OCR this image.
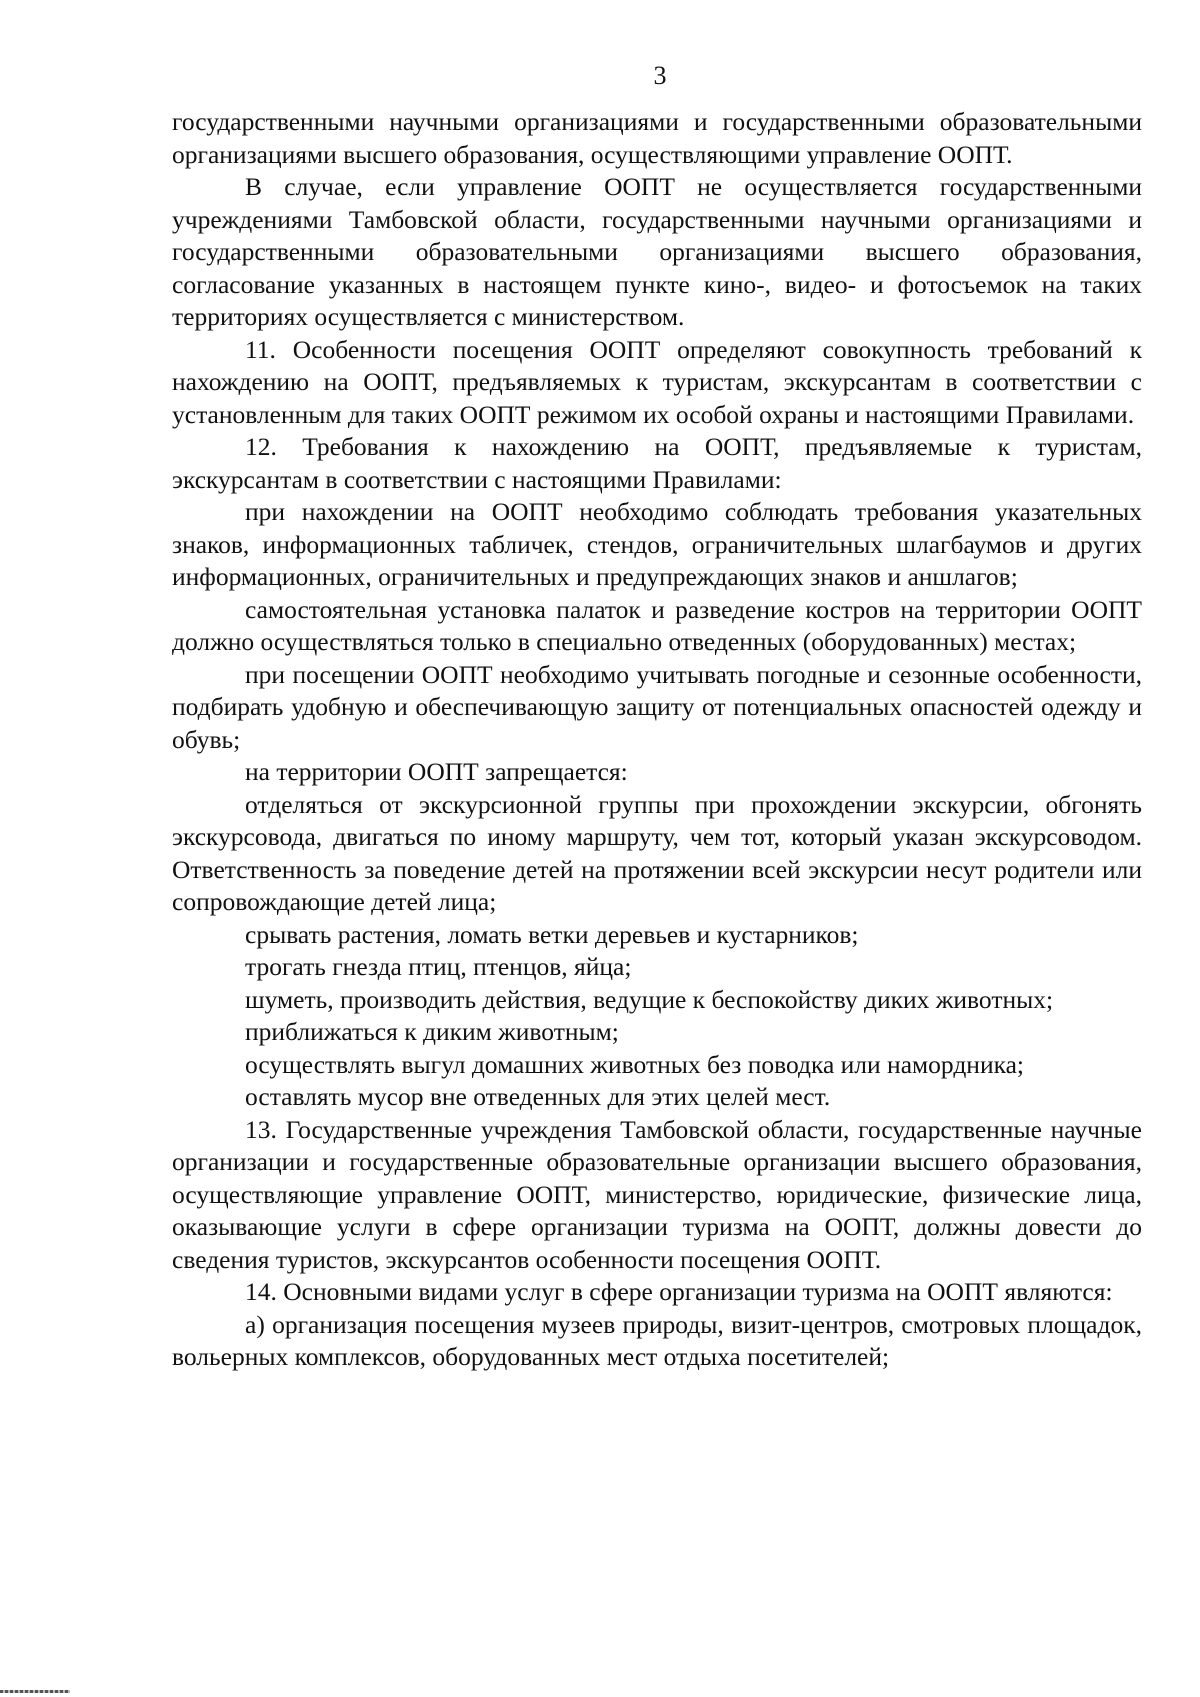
3

государственными научными организациями и государственными образовательными организациями высшего образования, осуществляющими управление ООПТ.

В случае, если управление ООПТ не осуществляется государственными учреждениями Тамбовской области, государственными научными организациями и государственными образовательными организациями высшего образования, согласование указанных в настоящем пункте кино-, видео- и фотосъемок на таких территориях осуществляется с министерством.

11. Особенности посещения ООПТ определяют совокупность требований к нахождению на ООПТ, предъявляемых к туристам, экскурсантам в соответствии с установленным для таких ООПТ режимом их особой охраны и настоящими Правилами.

12. Требования к нахождению на ООПТ, предъявляемые к туристам, экскурсантам в соответствии с настоящими Правилами:

при нахождении на ООПТ необходимо соблюдать требования указательных знаков, информационных табличек, стендов, ограничительных шлагбаумов и других информационных, ограничительных и предупреждающих знаков и аншлагов;

самостоятельная установка палаток и разведение костров на территории ООПТ должно осуществляться только в специально отведенных (оборудованных) местах;

при посещении ООПТ необходимо учитывать погодные и сезонные особенности, подбирать удобную и обеспечивающую защиту от потенциальных опасностей одежду и обувь;

на территории ООПТ запрещается:

отделяться от экскурсионной группы при прохождении экскурсии, обгонять экскурсовода, двигаться по иному маршруту, чем тот, который указан экскурсоводом. Ответственность за поведение детей на протяжении всей экскурсии несут родители или сопровождающие детей лица;

срывать растения, ломать ветки деревьев и кустарников;

трогать гнезда птиц, птенцов, яйца;

шуметь, производить действия, ведущие к беспокойству диких животных;

приближаться к диким животным;

осуществлять выгул домашних животных без поводка или намордника;

оставлять мусор вне отведенных для этих целей мест.

13. Государственные учреждения Тамбовской области, государственные научные организации и государственные образовательные организации высшего образования, осуществляющие управление ООПТ, министерство, юридические, физические лица, оказывающие услуги в сфере организации туризма на ООПТ, должны довести до сведения туристов, экскурсантов особенности посещения ООПТ.

14. Основными видами услуг в сфере организации туризма на ООПТ являются:

а) организация посещения музеев природы, визит-центров, смотровых площадок, вольерных комплексов, оборудованных мест отдыха посетителей;
